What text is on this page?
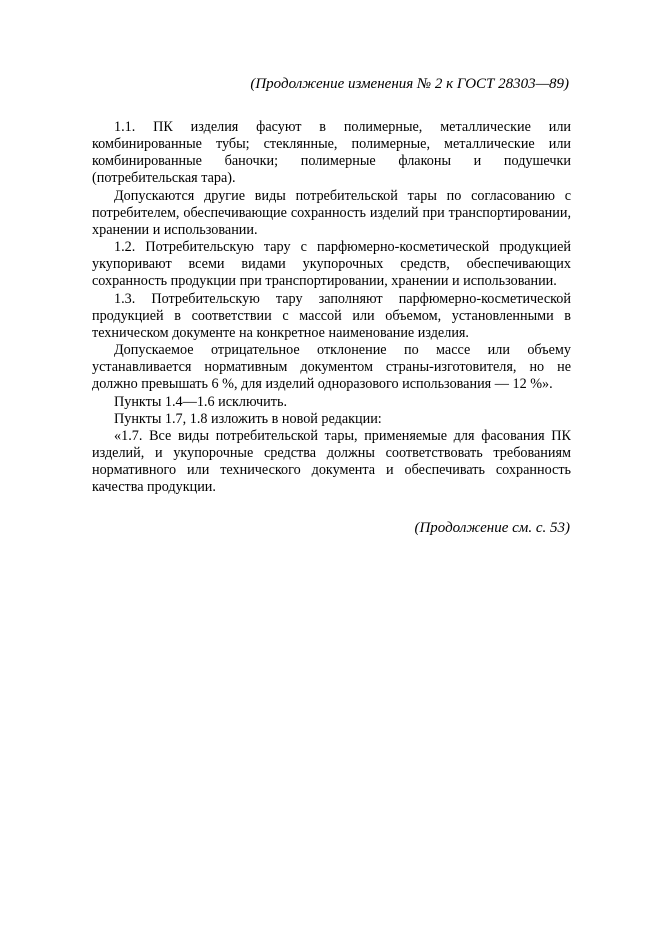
(Продолжение изменения № 2 к ГОСТ 28303—89)

1.1. ПК изделия фасуют в полимерные, металлические или комбинированные тубы; стеклянные, полимерные, металлические или комбинированные баночки; полимерные флаконы и подушечки (потребительская тара).

Допускаются другие виды потребительской тары по согласованию с потребителем, обеспечивающие сохранность изделий при транспортировании, хранении и использовании.

1.2. Потребительскую тару с парфюмерно-косметической продукцией укупоривают всеми видами укупорочных средств, обеспечивающих сохранность продукции при транспортировании, хранении и использовании.

1.3. Потребительскую тару заполняют парфюмерно-косметической продукцией в соответствии с массой или объемом, установленными в техническом документе на конкретное наименование изделия.

Допускаемое отрицательное отклонение по массе или объему устанавливается нормативным документом страны-изготовителя, но не должно превышать 6 %, для изделий одноразового использования — 12 %».

Пункты 1.4—1.6 исключить.

Пункты 1.7, 1.8 изложить в новой редакции:

«1.7. Все виды потребительской тары, применяемые для фасования ПК изделий, и укупорочные средства должны соответствовать требованиям нормативного или технического документа и обеспечивать сохранность качества продукции.

(Продолжение см. с. 53)
